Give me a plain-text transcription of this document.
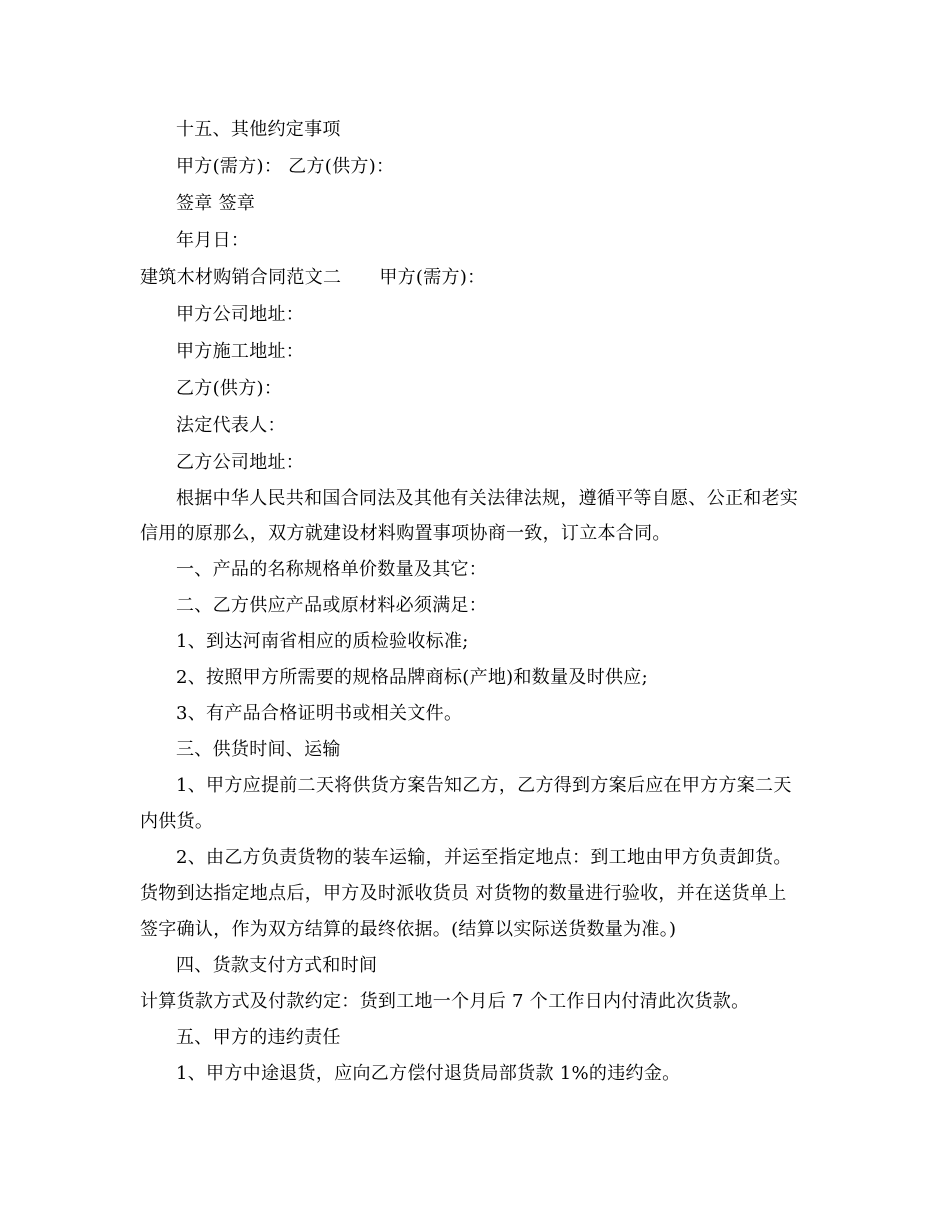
十五、其他约定事项
甲方(需方)： 乙方(供方)：
签章 签章
年月日：
建筑木材购销合同范文二 甲方(需方)：
甲方公司地址：
甲方施工地址：
乙方(供方)：
法定代表人：
乙方公司地址：
根据中华人民共和国合同法及其他有关法律法规，遵循平等自愿、公正和老实
信用的原那么，双方就建设材料购置事项协商一致，订立本合同。
一、产品的名称规格单价数量及其它：
二、乙方供应产品或原材料必须满足：
1、到达河南省相应的质检验收标准;
2、按照甲方所需要的规格品牌商标(产地)和数量及时供应;
3、有产品合格证明书或相关文件。
三、供货时间、运输
1、甲方应提前二天将供货方案告知乙方，乙方得到方案后应在甲方方案二天
内供货。
2、由乙方负责货物的装车运输，并运至指定地点：到工地由甲方负责卸货。
货物到达指定地点后，甲方及时派收货员 对货物的数量进行验收，并在送货单上
签字确认，作为双方结算的最终依据。(结算以实际送货数量为准。)
四、货款支付方式和时间
计算货款方式及付款约定：货到工地一个月后 7 个工作日内付清此次货款。
五、甲方的违约责任
1、甲方中途退货，应向乙方偿付退货局部货款 1%的违约金。
